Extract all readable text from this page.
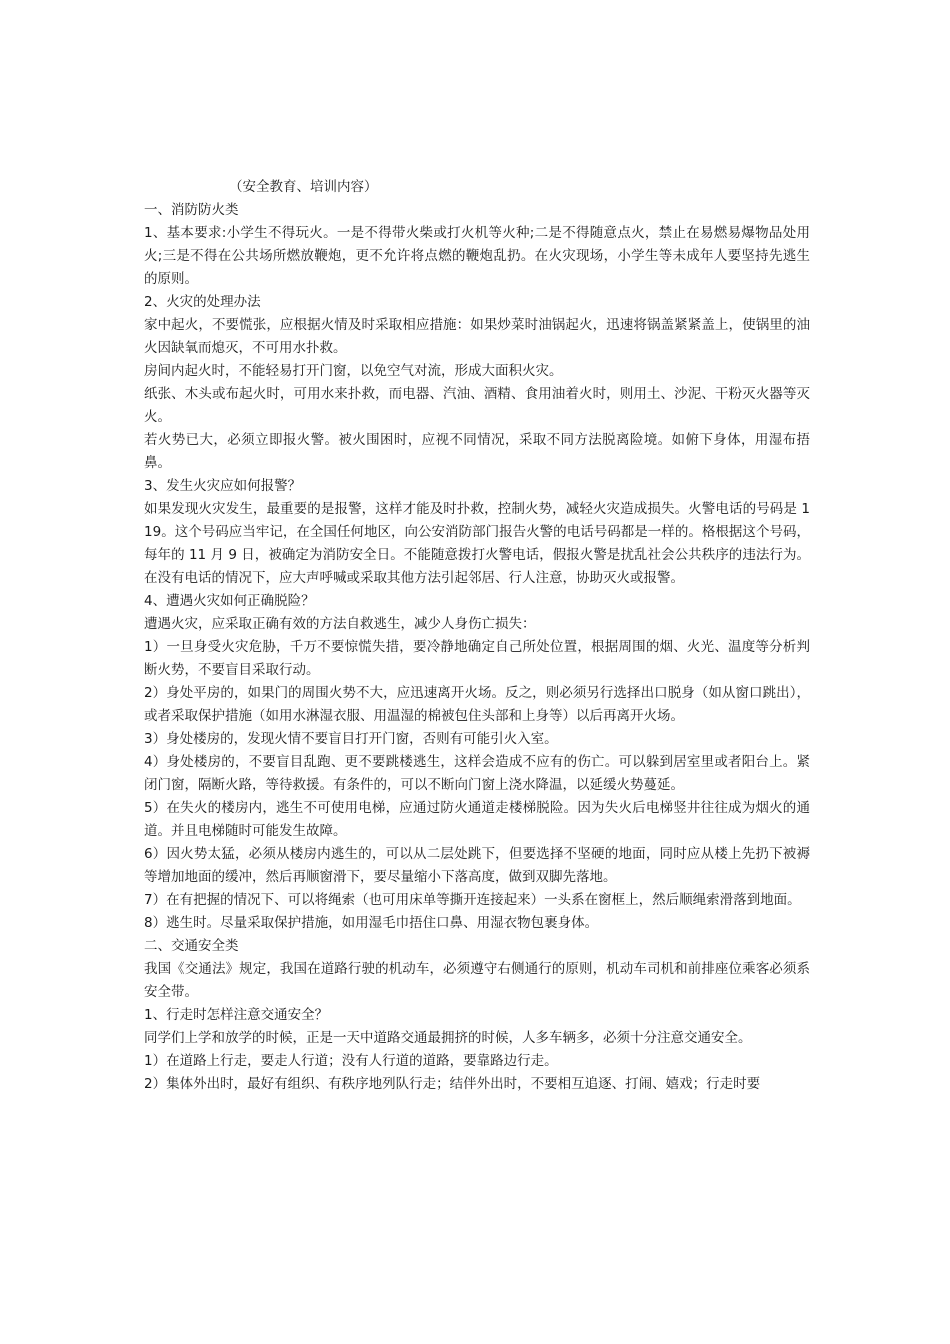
（安全教育、培训内容）

一、消防防火类

1、基本要求:小学生不得玩火。一是不得带火柴或打火机等火种;二是不得随意点火，禁止在易燃易爆物品处用火;三是不得在公共场所燃放鞭炮，更不允许将点燃的鞭炮乱扔。在火灾现场，小学生等未成年人要坚持先逃生的原则。

2、火灾的处理办法

家中起火，不要慌张，应根据火情及时采取相应措施：如果炒菜时油锅起火，迅速将锅盖紧紧盖上，使锅里的油火因缺氧而熄灭，不可用水扑救。

房间内起火时，不能轻易打开门窗，以免空气对流，形成大面积火灾。

纸张、木头或布起火时，可用水来扑救，而电器、汽油、酒精、食用油着火时，则用土、沙泥、干粉灭火器等灭火。

若火势已大，必须立即报火警。被火围困时，应视不同情况，采取不同方法脱离险境。如俯下身体，用湿布捂鼻。

3、发生火灾应如何报警？

如果发现火灾发生，最重要的是报警，这样才能及时扑救，控制火势，减轻火灾造成损失。火警电话的号码是 119。这个号码应当牢记，在全国任何地区，向公安消防部门报告火警的电话号码都是一样的。格根据这个号码，每年的 11 月 9 日，被确定为消防安全日。不能随意拨打火警电话，假报火警是扰乱社会公共秩序的违法行为。在没有电话的情况下，应大声呼喊或采取其他方法引起邻居、行人注意，协助灭火或报警。

4、遭遇火灾如何正确脱险？

遭遇火灾，应采取正确有效的方法自救逃生，减少人身伤亡损失：

1）一旦身受火灾危胁，千万不要惊慌失措，要冷静地确定自己所处位置，根据周围的烟、火光、温度等分析判断火势，不要盲目采取行动。

2）身处平房的，如果门的周围火势不大，应迅速离开火场。反之，则必须另行选择出口脱身（如从窗口跳出），或者采取保护措施（如用水淋湿衣服、用温湿的棉被包住头部和上身等）以后再离开火场。

3）身处楼房的，发现火情不要盲目打开门窗，否则有可能引火入室。

4）身处楼房的，不要盲目乱跑、更不要跳楼逃生，这样会造成不应有的伤亡。可以躲到居室里或者阳台上。紧闭门窗，隔断火路，等待救援。有条件的，可以不断向门窗上浇水降温，以延缓火势蔓延。

5）在失火的楼房内，逃生不可使用电梯，应通过防火通道走楼梯脱险。因为失火后电梯竖井往往成为烟火的通道。并且电梯随时可能发生故障。

6）因火势太猛，必须从楼房内逃生的，可以从二层处跳下，但要选择不坚硬的地面，同时应从楼上先扔下被褥等增加地面的缓冲，然后再顺窗滑下，要尽量缩小下落高度，做到双脚先落地。

7）在有把握的情况下、可以将绳索（也可用床单等撕开连接起来）一头系在窗框上，然后顺绳索滑落到地面。

8）逃生时。尽量采取保护措施，如用湿毛巾捂住口鼻、用湿衣物包裹身体。

二、交通安全类

我国《交通法》规定，我国在道路行驶的机动车，必须遵守右侧通行的原则，机动车司机和前排座位乘客必须系安全带。

1、行走时怎样注意交通安全？

同学们上学和放学的时候，正是一天中道路交通最拥挤的时候，人多车辆多，必须十分注意交通安全。

1）在道路上行走，要走人行道；没有人行道的道路，要靠路边行走。

2）集体外出时，最好有组织、有秩序地列队行走；结伴外出时，不要相互追逐、打闹、嬉戏；行走时要
